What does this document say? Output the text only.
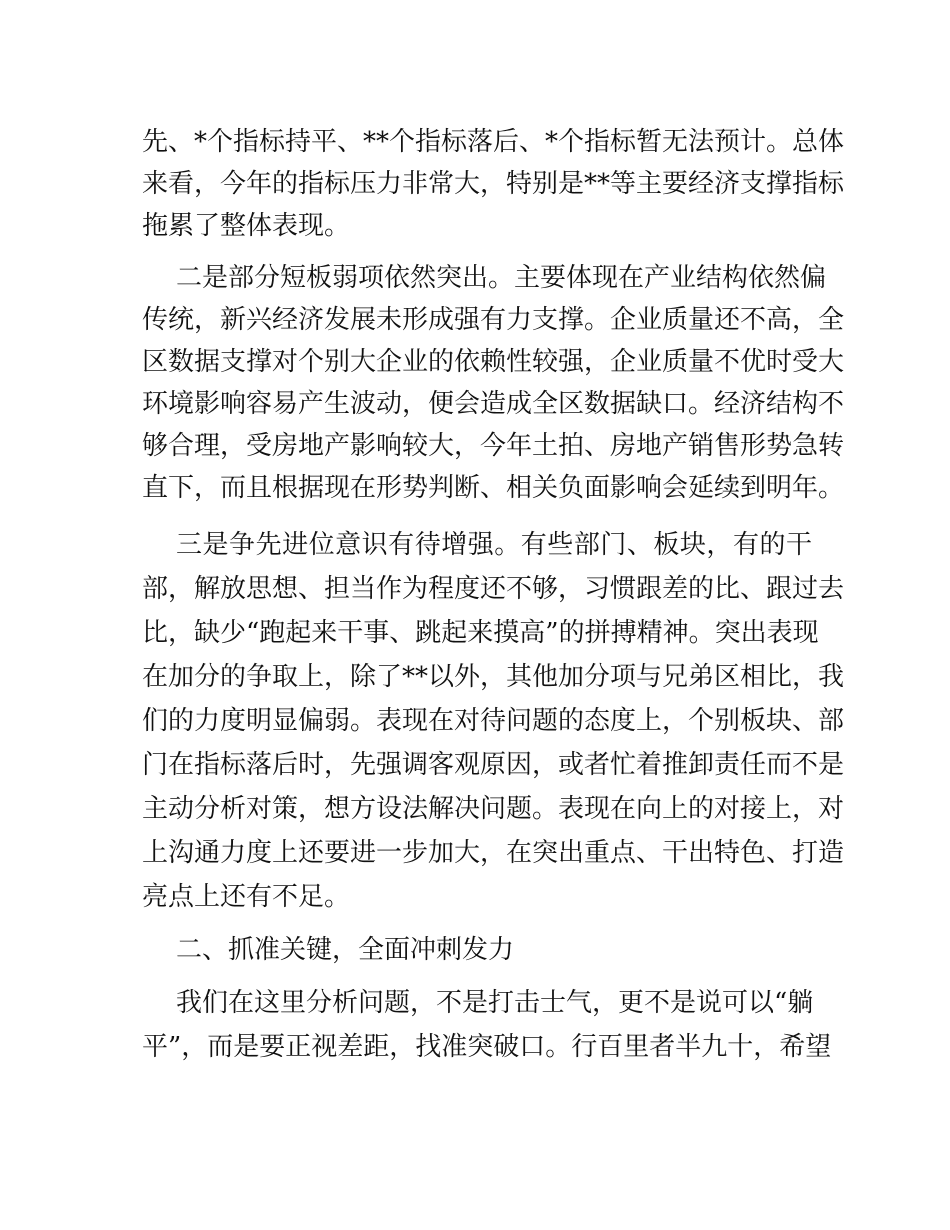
先、*个指标持平、**个指标落后、*个指标暂无法预计。总体
来看，今年的指标压力非常大，特别是**等主要经济支撑指标
拖累了整体表现。
二是部分短板弱项依然突出。主要体现在产业结构依然偏
传统，新兴经济发展未形成强有力支撑。企业质量还不高，全
区数据支撑对个别大企业的依赖性较强，企业质量不优时受大
环境影响容易产生波动，便会造成全区数据缺口。经济结构不
够合理，受房地产影响较大，今年土拍、房地产销售形势急转
直下，而且根据现在形势判断、相关负面影响会延续到明年。
三是争先进位意识有待增强。有些部门、板块，有的干
部，解放思想、担当作为程度还不够，习惯跟差的比、跟过去
比，缺少“跑起来干事、跳起来摸高”的拼搏精神。突出表现
在加分的争取上，除了**以外，其他加分项与兄弟区相比，我
们的力度明显偏弱。表现在对待问题的态度上，个别板块、部
门在指标落后时，先强调客观原因，或者忙着推卸责任而不是
主动分析对策，想方设法解决问题。表现在向上的对接上，对
上沟通力度上还要进一步加大，在突出重点、干出特色、打造
亮点上还有不足。
二、抓准关键，全面冲刺发力
我们在这里分析问题，不是打击士气，更不是说可以“躺
平”，而是要正视差距，找准突破口。行百里者半九十，希望
